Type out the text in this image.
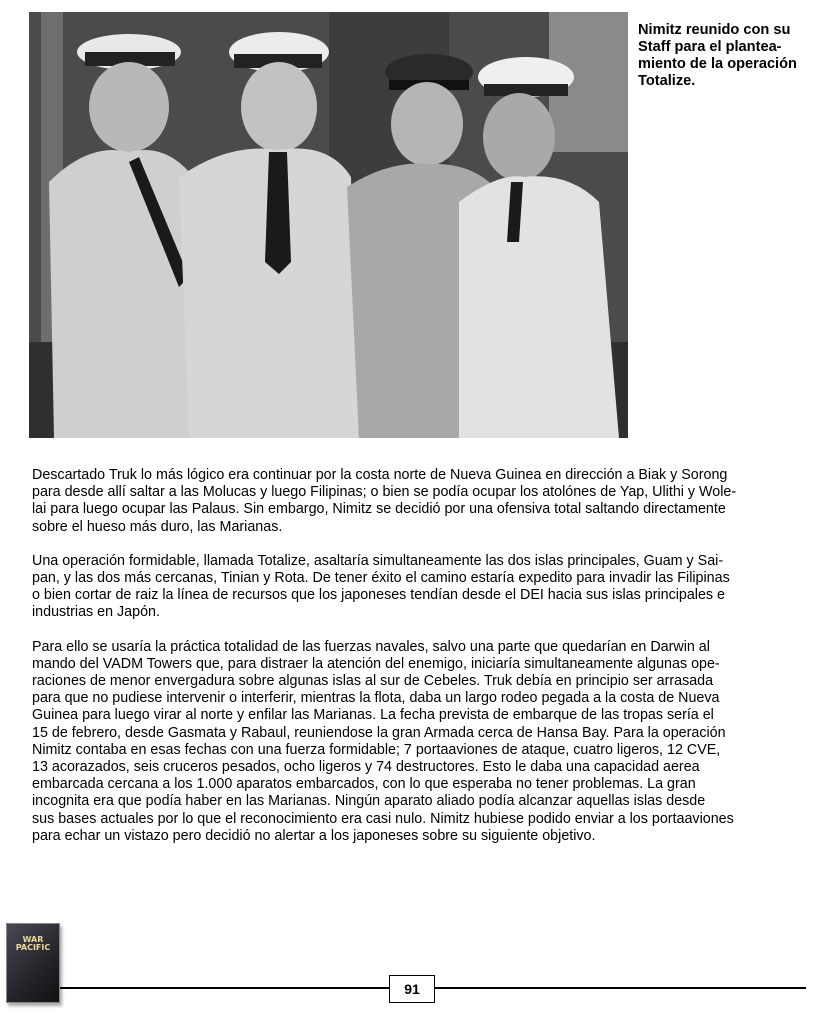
Nimitz reunido con su
Staff para el plantea-
miento de la operación
Totalize.

Descartado Truk lo más lógico era continuar por la costa norte de Nueva Guinea en dirección a Biak y Sorong
para desde allí saltar a las Molucas y luego Filipinas; o bien se podía ocupar los atolónes de Yap, Ulithi y Wole-
lai para luego ocupar las Palaus. Sin embargo, Nimitz se decidió por una ofensiva total saltando directamente
sobre el hueso más duro, las Marianas.

Una operación formidable, llamada Totalize, asaltaría simultaneamente las dos islas principales, Guam y Sai-
pan, y las dos más cercanas, Tinian y Rota. De tener éxito el camino estaría expedito para invadir las Filipinas
o bien cortar de raiz la línea de recursos que los japoneses tendían desde el DEI hacia sus islas principales e
industrias en Japón.

Para ello se usaría la práctica totalidad de las fuerzas navales, salvo una parte que quedarían en Darwin al
mando del VADM Towers que, para distraer la atención del enemigo, iniciaría simultaneamente algunas ope-
raciones de menor envergadura sobre algunas islas al sur de Cebeles. Truk debía en principio ser arrasada
para que no pudiese intervenir o interferir, mientras la flota, daba un largo rodeo pegada a la costa de Nueva
Guinea para luego virar al norte y enfilar las Marianas. La fecha prevista de embarque de las tropas sería el
15 de febrero, desde Gasmata y Rabaul, reuniendose la gran Armada cerca de Hansa Bay. Para la operación
Nimitz contaba en esas fechas con una fuerza formidable; 7 portaaviones de ataque, cuatro ligeros, 12 CVE,
13 acorazados, seis cruceros pesados, ocho ligeros y 74 destructores. Esto le daba una capacidad aerea
embarcada cercana a los 1.000 aparatos embarcados, con lo que esperaba no tener problemas. La gran
incognita era que podía haber en las Marianas. Ningún aparato aliado podía alcanzar aquellas islas desde
sus bases actuales por lo que el reconocimiento era casi nulo. Nimitz hubiese podido enviar a los portaaviones
para echar un vistazo pero decidió no alertar a los japoneses sobre su siguiente objetivo.

WAR
PACIFIC
91
